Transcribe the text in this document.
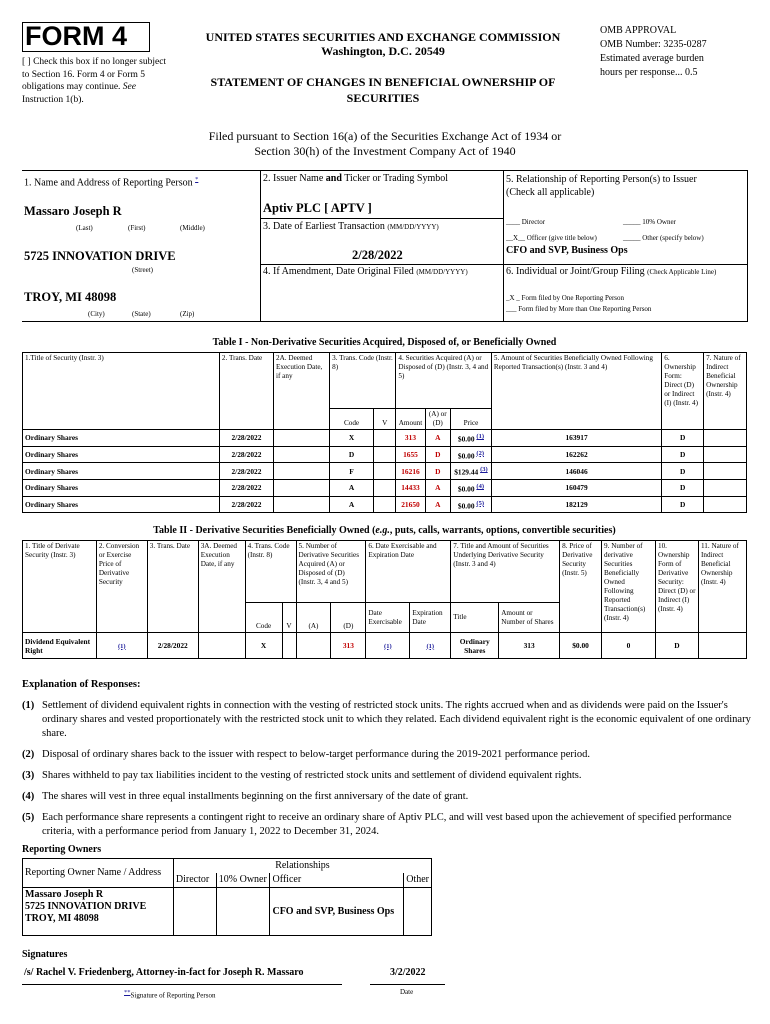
FORM 4
[ ] Check this box if no longer subject to Section 16. Form 4 or Form 5 obligations may continue. See Instruction 1(b).
UNITED STATES SECURITIES AND EXCHANGE COMMISSION
Washington, D.C. 20549
STATEMENT OF CHANGES IN BENEFICIAL OWNERSHIP OF
SECURITIES
OMB APPROVAL
OMB Number: 3235-0287
Estimated average burden
hours per response... 0.5
Filed pursuant to Section 16(a) of the Securities Exchange Act of 1934 or
Section 30(h) of the Investment Company Act of 1940
1. Name and Address of Reporting Person *
Massaro Joseph R
(Last)	(First)	(Middle)
5725 INNOVATION DRIVE
(Street)
TROY, MI 48098
(City)	(State)	(Zip)
2. Issuer Name and Ticker or Trading Symbol
Aptiv PLC [ APTV ]
3. Date of Earliest Transaction (MM/DD/YYYY)
2/28/2022
4. If Amendment, Date Original Filed (MM/DD/YYYY)
5. Relationship of Reporting Person(s) to Issuer
(Check all applicable)
____ Director	_____ 10% Owner
__X__ Officer (give title below)	_____ Other (specify below)
CFO and SVP, Business Ops
6. Individual or Joint/Group Filing (Check Applicable Line)
_X _ Form filed by One Reporting Person
___ Form filed by More than One Reporting Person
Table I - Non-Derivative Securities Acquired, Disposed of, or Beneficially Owned
1.Title of Security (Instr. 3)	2. Trans. Date	2A. Deemed Execution Date, if any	3. Trans. Code (Instr. 8)		4. Securities Acquired (A) or Disposed of (D) (Instr. 3, 4 and 5)			5. Amount of Securities Beneficially Owned Following Reported Transaction(s) (Instr. 3 and 4)	6. Ownership Form: Direct (D) or Indirect (I) (Instr. 4)	7. Nature of Indirect Beneficial Ownership (Instr. 4)
			Code	V	Amount	(A) or (D)	Price			
Ordinary Shares	2/28/2022		X		313	A	$0.00 (1)	163917	D	
Ordinary Shares	2/28/2022		D		1655	D	$0.00 (2)	162262	D	
Ordinary Shares	2/28/2022		F		16216	D	$129.44 (3)	146046	D	
Ordinary Shares	2/28/2022		A		14433	A	$0.00 (4)	160479	D	
Ordinary Shares	2/28/2022		A		21650	A	$0.00 (5)	182129	D	
Table II - Derivative Securities Beneficially Owned (e.g., puts, calls, warrants, options, convertible securities)
1. Title of Derivate Security (Instr. 3)	2. Conversion or Exercise Price of Derivative Security	3. Trans. Date	3A. Deemed Execution Date, if any	4. Trans. Code (Instr. 8)		5. Number of Derivative Securities Acquired (A) or Disposed of (D) (Instr. 3, 4 and 5)		6. Date Exercisable and Expiration Date		7. Title and Amount of Securities Underlying Derivative Security (Instr. 3 and 4)		8. Price of Derivative Security (Instr. 5)	9. Number of derivative Securities Beneficially Owned Following Reported Transaction(s) (Instr. 4)	10. Ownership Form of Derivative Security: Direct (D) or Indirect (I) (Instr. 4)	11. Nature of Indirect Beneficial Ownership (Instr. 4)

				Code	V	(A)	(D)	Date Exercisable	Expiration Date	Title	Amount or Number of Shares				
Dividend Equivalent Right	(1)	2/28/2022		X			313	(1)	(1)	Ordinary Shares	313	$0.00	0	D	
Explanation of Responses:
(1) Settlement of dividend equivalent rights in connection with the vesting of restricted stock units. The rights accrued when and as dividends were paid on the Issuer's ordinary shares and vested proportionately with the restricted stock unit to which they related. Each dividend equivalent right is the economic equivalent of one ordinary share.
(2) Disposal of ordinary shares back to the issuer with respect to below-target performance during the 2019-2021 performance period.
(3) Shares withheld to pay tax liabilities incident to the vesting of restricted stock units and settlement of dividend equivalent rights.
(4) The shares will vest in three equal installments beginning on the first anniversary of the date of grant.
(5) Each performance share represents a contingent right to receive an ordinary share of Aptiv PLC, and will vest based upon the achievement of specified performance criteria, with a performance period from January 1, 2022 to December 31, 2024.
Reporting Owners
Reporting Owner Name / Address	Relationships			
	Director	10% Owner	Officer	Other

Massaro Joseph R
5725 INNOVATION DRIVE
TROY, MI 48098			CFO and SVP, Business Ops	
Signatures
/s/ Rachel V. Friedenberg, Attorney-in-fact for Joseph R. Massaro	3/2/2022
**Signature of Reporting Person	Date
